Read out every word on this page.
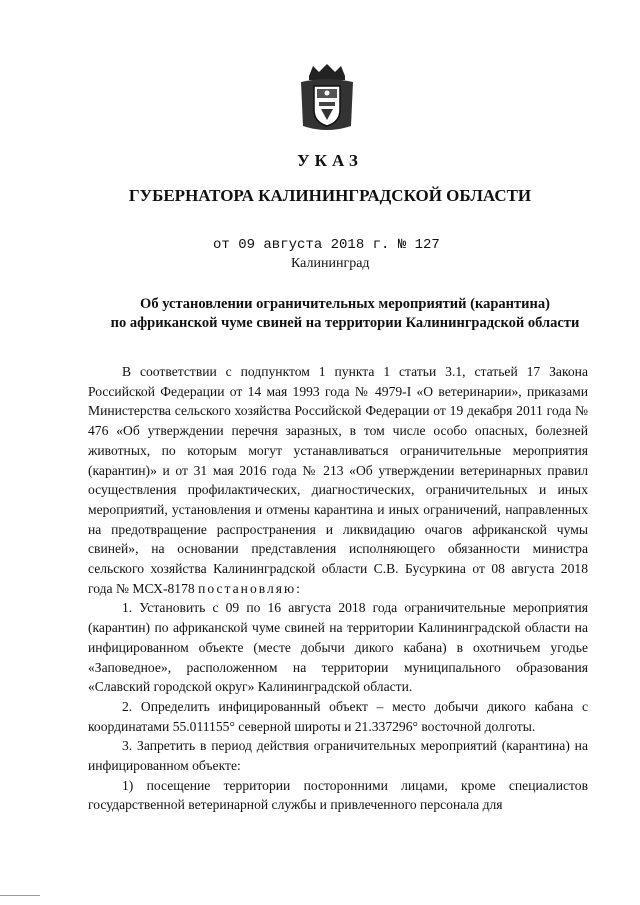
УКАЗ
ГУБЕРНАТОРА КАЛИНИНГРАДСКОЙ ОБЛАСТИ
от 09 августа 2018 г. № 127
Калининград
Об установлении ограничительных мероприятий (карантина)
по африканской чуме свиней на территории Калининградской области

В соответствии с подпунктом 1 пункта 1 статьи 3.1, статьей 17 Закона Российской Федерации от 14 мая 1993 года № 4979-I «О ветеринарии», приказами Министерства сельского хозяйства Российской Федерации от 19 декабря 2011 года № 476 «Об утверждении перечня заразных, в том числе особо опасных, болезней животных, по которым могут устанавливаться ограничительные мероприятия (карантин)» и от 31 мая 2016 года № 213 «Об утверждении ветеринарных правил осуществления профилактических, диагностических, ограничительных и иных мероприятий, установления и отмены карантина и иных ограничений, направленных на предотвращение распространения и ликвидацию очагов африканской чумы свиней», на основании представления исполняющего обязанности министра сельского хозяйства Калининградской области С.В. Бусуркина от 08 августа 2018 года № МСХ-8178 постановляю:

1. Установить с 09 по 16 августа 2018 года ограничительные мероприятия (карантин) по африканской чуме свиней на территории Калининградской области на инфицированном объекте (месте добычи дикого кабана) в охотничьем угодье «Заповедное», расположенном на территории муниципального образования «Славский городской округ» Калининградской области.

2. Определить инфицированный объект – место добычи дикого кабана с координатами 55.011155° северной широты и 21.337296° восточной долготы.

3. Запретить в период действия ограничительных мероприятий (карантина) на инфицированном объекте:

1) посещение территории посторонними лицами, кроме специалистов государственной ветеринарной службы и привлеченного персонала для
